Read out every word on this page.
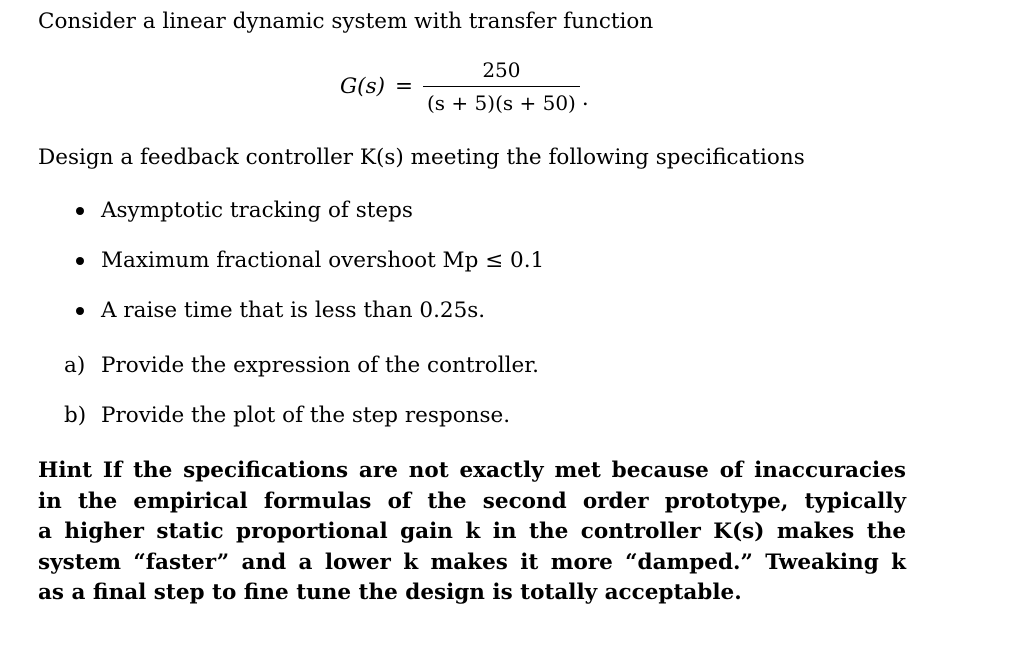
Consider a linear dynamic system with transfer function
$G(s) = \frac{250}{(s + 5)(s + 50)}$ .
Design a feedback controller K(s) meeting the following specifications
Asymptotic tracking of steps
Maximum fractional overshoot Mp ≤ 0.1
A raise time that is less than 0.25s.
a) Provide the expression of the controller.
b) Provide the plot of the step response.

Hint If the specifications are not exactly met because of inaccuracies

in the empirical formulas of the second order prototype, typically

a higher static proportional gain k in the controller K(s) makes the

system “faster” and a lower k makes it more “damped.” Tweaking k

as a final step to fine tune the design is totally acceptable.
